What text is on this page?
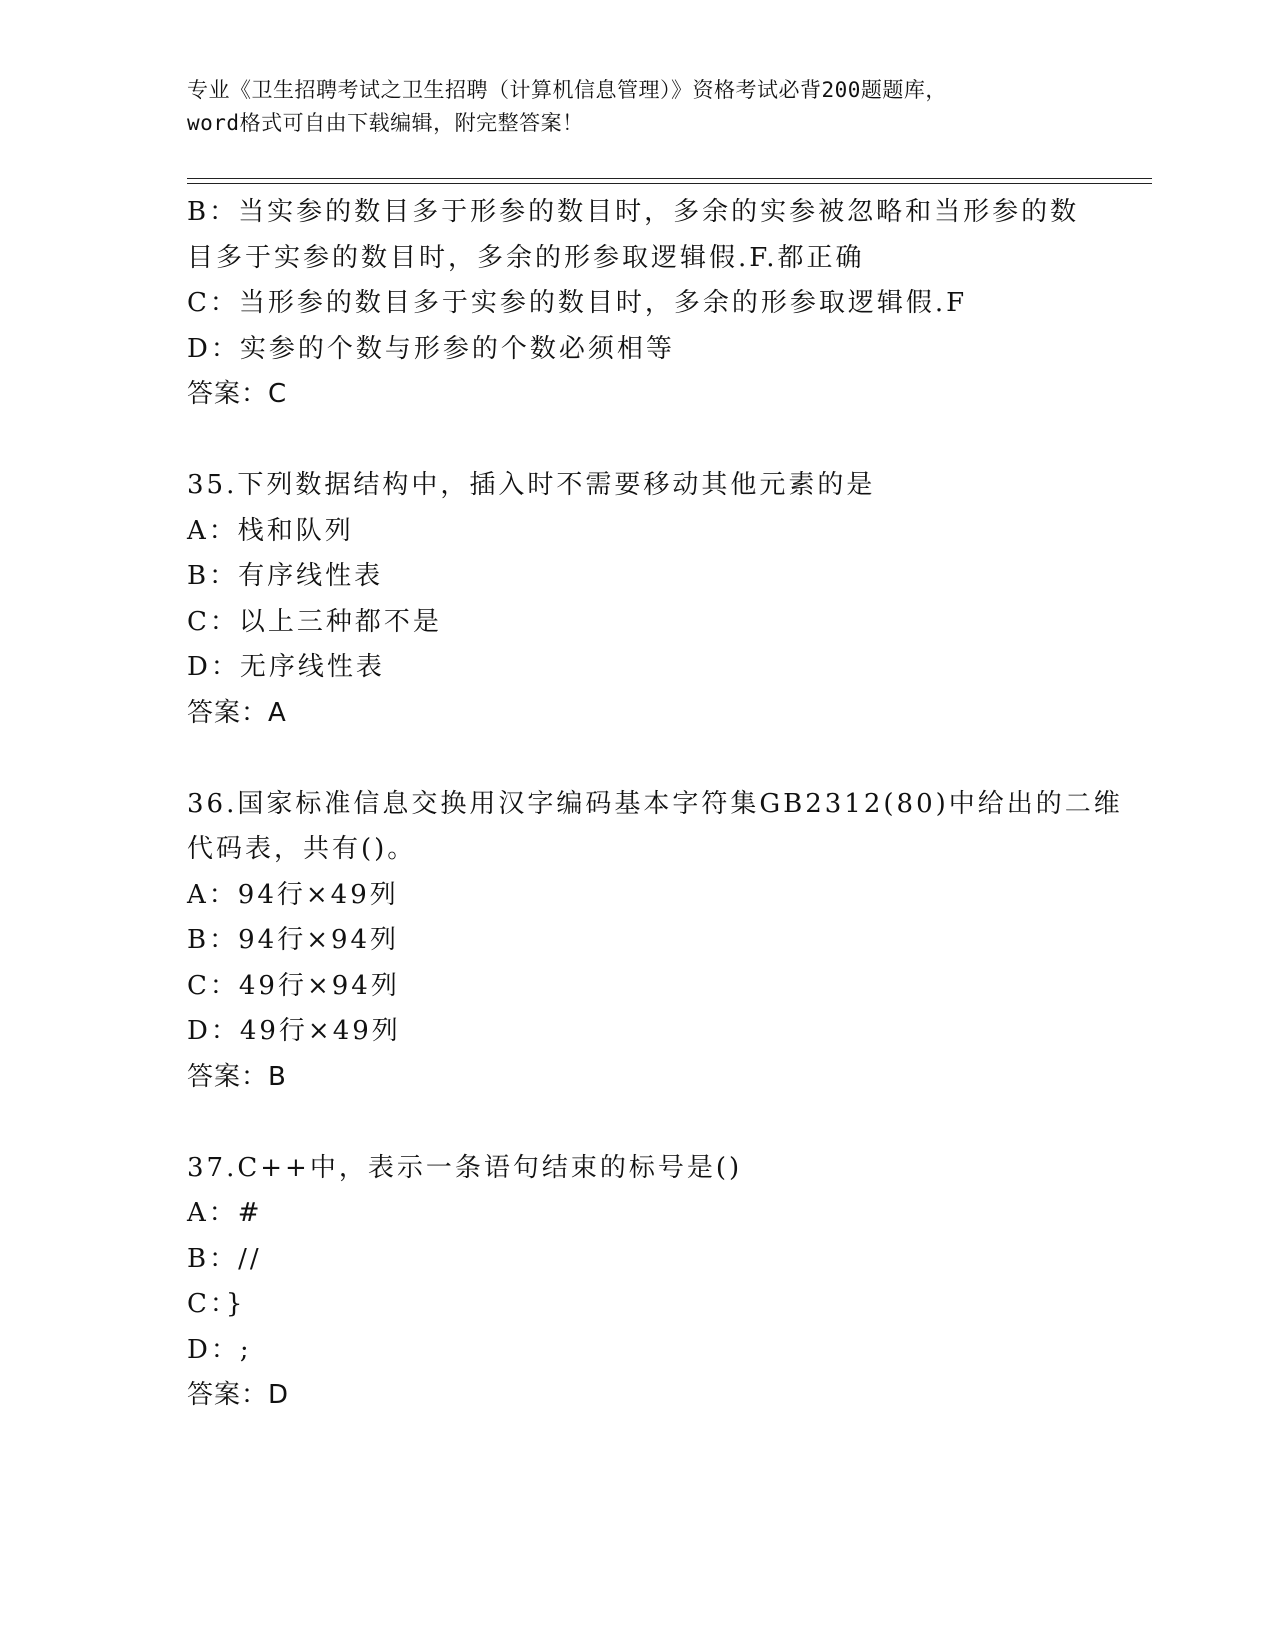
专业《卫生招聘考试之卫生招聘（计算机信息管理）》资格考试必背200题题库，
word格式可自由下载编辑，附完整答案！
B：当实参的数目多于形参的数目时，多余的实参被忽略和当形参的数
目多于实参的数目时，多余的形参取逻辑假.F.都正确
C：当形参的数目多于实参的数目时，多余的形参取逻辑假.F
D：实参的个数与形参的个数必须相等
答案：C
35.下列数据结构中，插入时不需要移动其他元素的是
A：栈和队列
B：有序线性表
C：以上三种都不是
D：无序线性表
答案：A
36.国家标准信息交换用汉字编码基本字符集GB2312(80)中给出的二维
代码表，共有()。
A：94行×49列
B：94行×94列
C：49行×94列
D：49行×49列
答案：B
37.C++中，表示一条语句结束的标号是()
A：#
B：//
C：}
D：;
答案：D
